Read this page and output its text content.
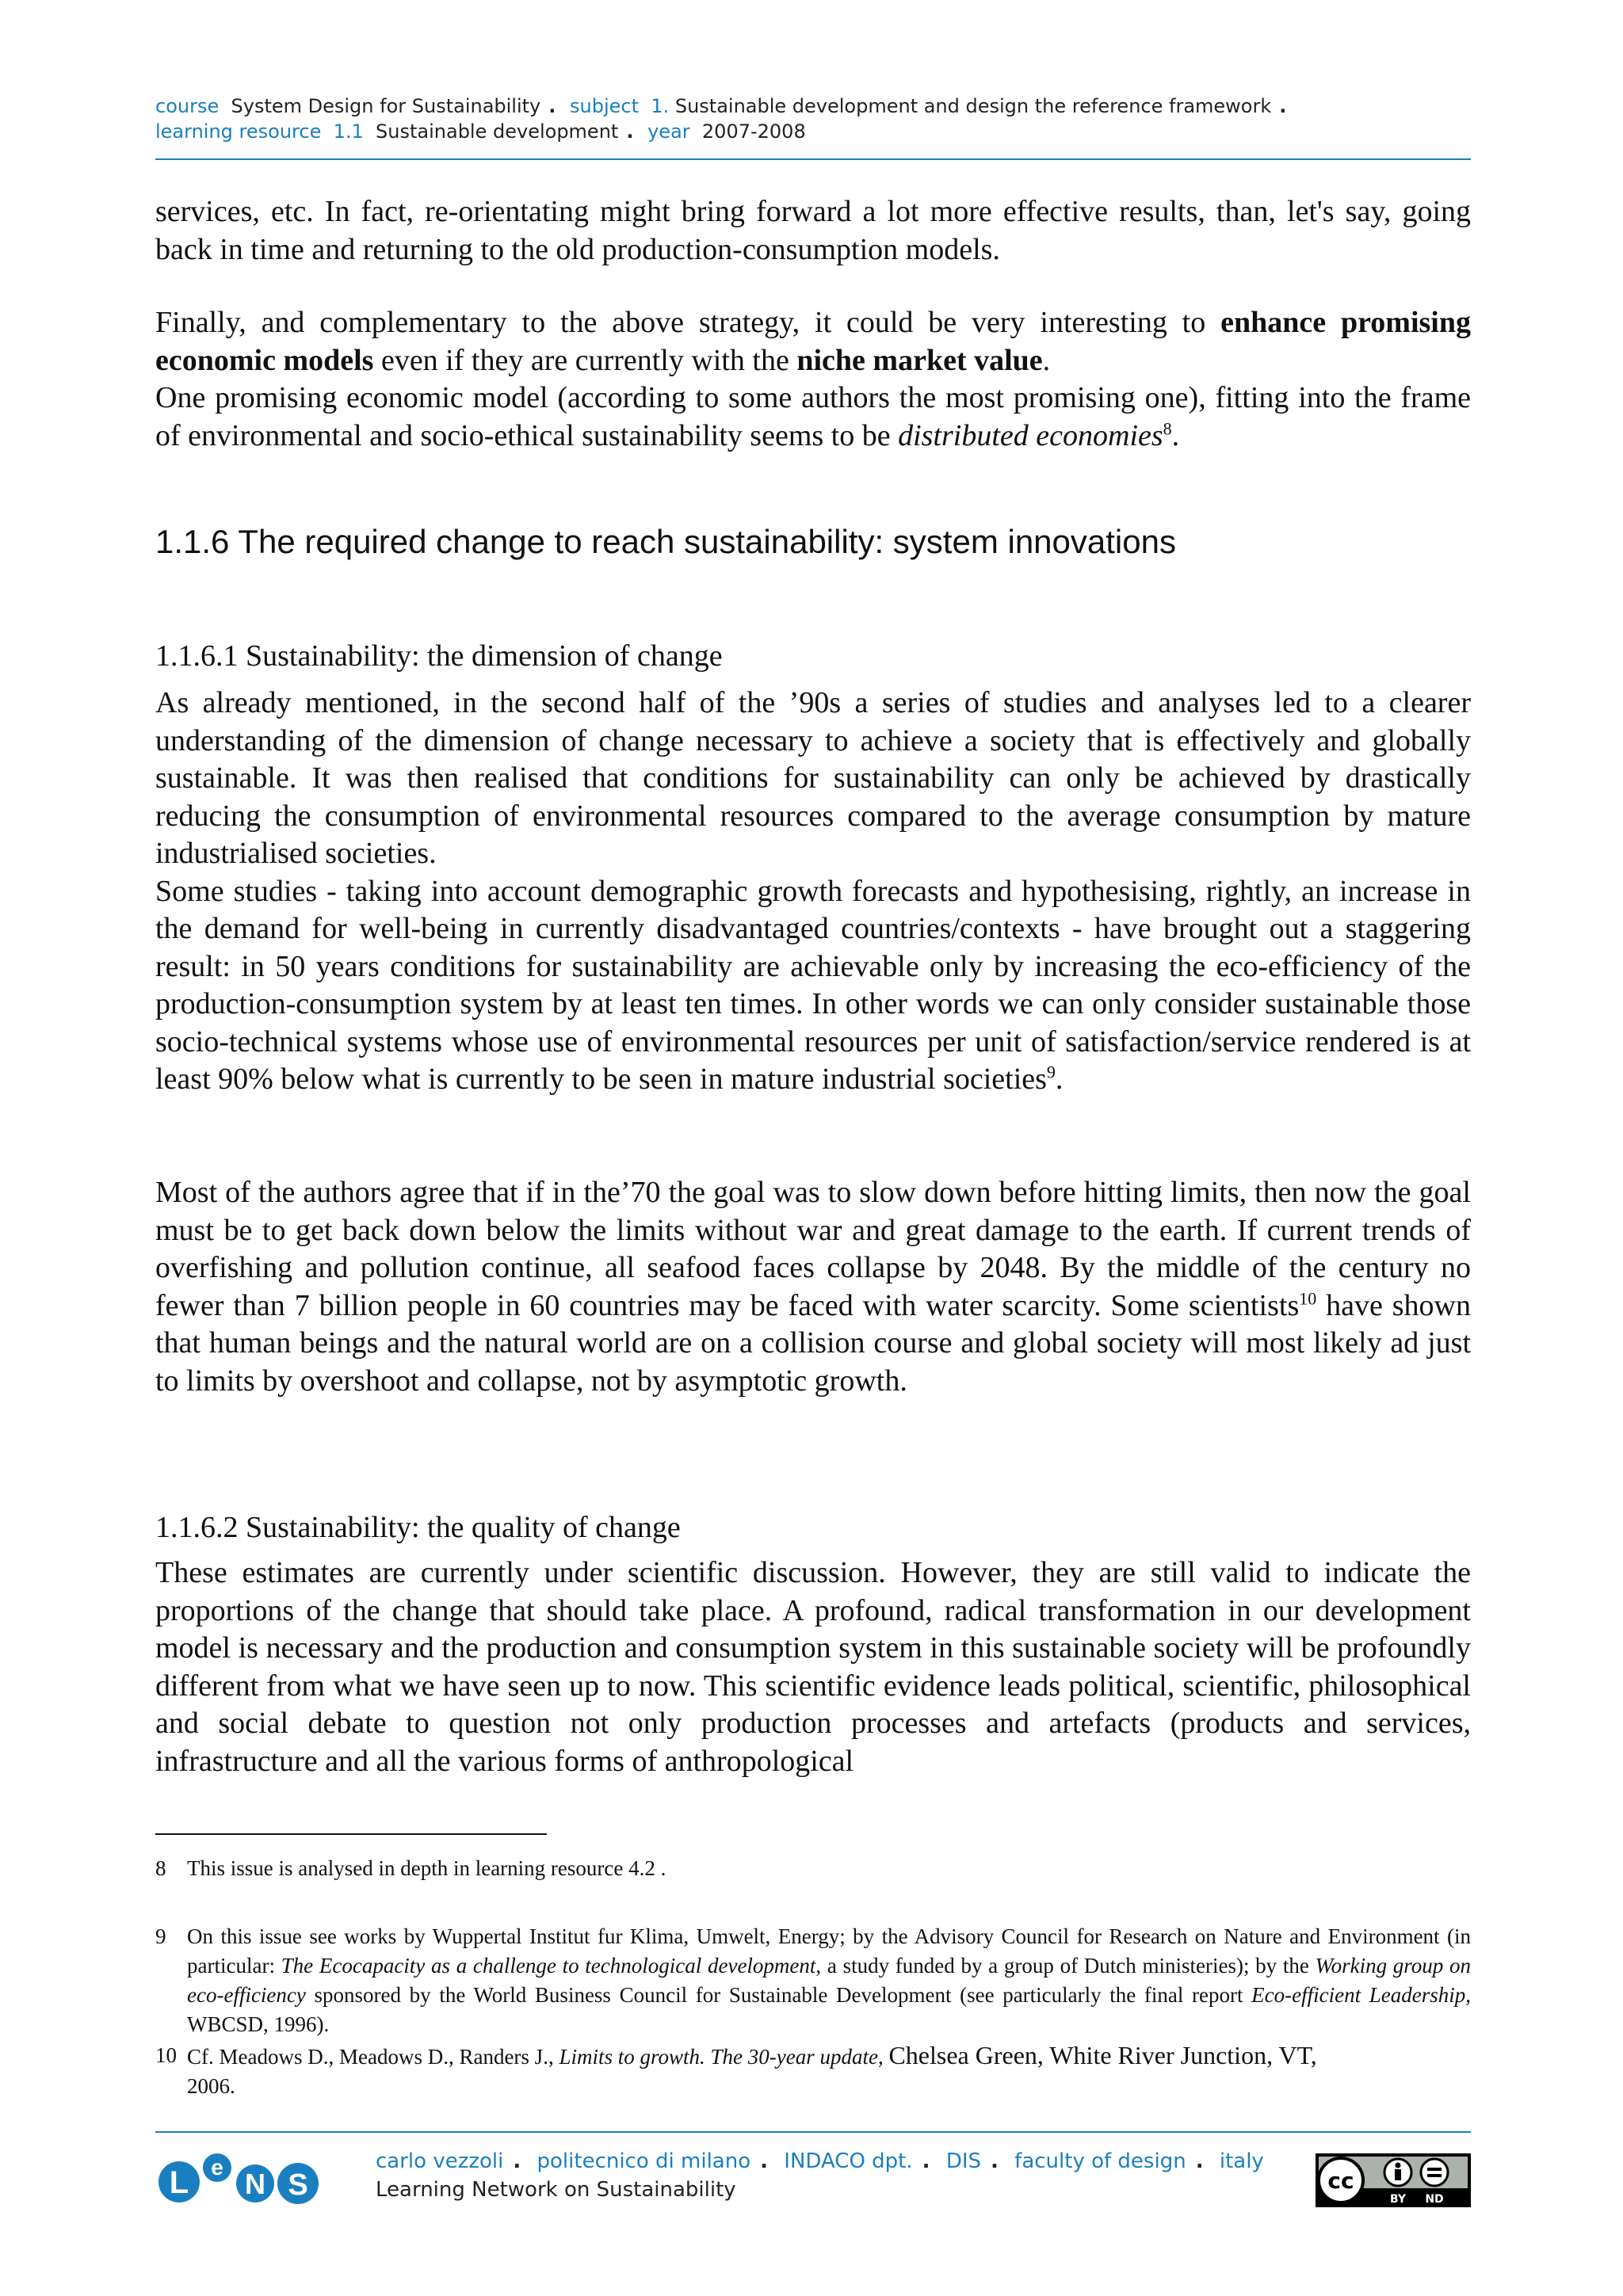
course System Design for Sustainability . subject 1. Sustainable development and design the reference framework .
learning resource 1.1 Sustainable development . year 2007-2008

services, etc. In fact, re-orientating might bring forward a lot more effective results, than, let's say, going back in time and returning to the old production-consumption models.

Finally, and complementary to the above strategy, it could be very interesting to enhance promising economic models even if they are currently with the niche market value.

One promising economic model (according to some authors the most promising one), fitting into the frame of environmental and socio-ethical sustainability seems to be distributed economies$^8$.

1.1.6 The required change to reach sustainability: system innovations
1.1.6.1 Sustainability: the dimension of change

As already mentioned, in the second half of the ’90s a series of studies and analyses led to a clearer understanding of the dimension of change necessary to achieve a society that is effectively and globally sustainable. It was then realised that conditions for sustainability can only be achieved by drastically reducing the consumption of environmental resources compared to the average consumption by mature industrialised societies.

Some studies - taking into account demographic growth forecasts and hypothesising, rightly, an increase in the demand for well-being in currently disadvantaged countries/contexts - have brought out a staggering result: in 50 years conditions for sustainability are achievable only by increasing the eco-efficiency of the production-consumption system by at least ten times. In other words we can only consider sustainable those socio-technical systems whose use of environmental resources per unit of satisfaction/service rendered is at least 90% below what is currently to be seen in mature industrial societies$^9$.

Most of the authors agree that if in the’70 the goal was to slow down before hitting limits, then now the goal must be to get back down below the limits without war and great damage to the earth. If current trends of overfishing and pollution continue, all seafood faces collapse by 2048. By the middle of the century no fewer than 7 billion people in 60 countries may be faced with water scarcity. Some scientists$^{10}$ have shown that human beings and the natural world are on a collision course and global society will most likely ad just to limits by overshoot and collapse, not by asymptotic growth.

1.1.6.2 Sustainability: the quality of change

These estimates are currently under scientific discussion. However, they are still valid to indicate the proportions of the change that should take place. A profound, radical transformation in our development model is necessary and the production and consumption system in this sustainable society will be profoundly different from what we have seen up to now. This scientific evidence leads political, scientific, philosophical and social debate to question not only production processes and artefacts (products and services, infrastructure and all the various forms of anthropological

8 This issue is analysed in depth in learning resource 4.2 .
9 On this issue see works by Wuppertal Institut fur Klima, Umwelt, Energy; by the Advisory Council for Research on Nature and Environment (in particular: The Ecocapacity as a challenge to technological development, a study funded by a group of Dutch ministeries); by the Working group on eco-efficiency sponsored by the World Business Council for Sustainable Development (see particularly the final report Eco-efficient Leadership, WBCSD, 1996).
10 Cf. Meadows D., Meadows D., Randers J., Limits to growth. The 30-year update, Chelsea Green, White River Junction, VT,
2006.
L e
N S
carlo vezzoli . politecnico di milano . INDACO dpt. . DIS . faculty of design . italy
Learning Network on Sustainability	cc
BY ND
